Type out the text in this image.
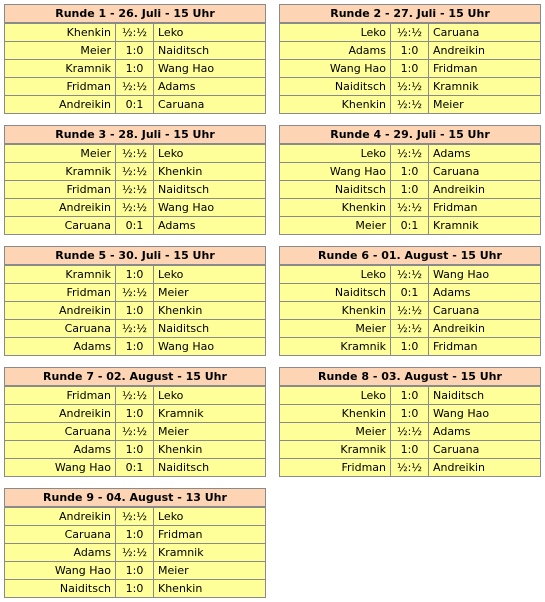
Runde 1 - 26. Juli - 15 Uhr
Khenkin ½:½ Leko
Meier	1:0	Naiditsch
Kramnik	1:0	Wang Hao
Fridman ½:½ Adams
Andreikin	0:1	Caruana
Runde 2 - 27. Juli - 15 Uhr
Leko ½:½ Caruana
Adams	1:0	Andreikin
Wang Hao	1:0	Fridman
Naiditsch ½:½ Kramnik
Khenkin ½:½ Meier
Runde 3 - 28. Juli - 15 Uhr
Meier ½:½ Leko
Kramnik ½:½ Khenkin
Fridman ½:½ Naiditsch
Andreikin ½:½ Wang Hao
Caruana	0:1	Adams
Runde 4 - 29. Juli - 15 Uhr
Leko ½:½ Adams
Wang Hao	1:0	Caruana
Naiditsch	1:0	Andreikin
Khenkin ½:½ Fridman
Meier	0:1	Kramnik
Runde 5 - 30. Juli - 15 Uhr
Kramnik	1:0	Leko
Fridman ½:½ Meier
Andreikin	1:0	Khenkin
Caruana ½:½ Naiditsch
Adams	1:0	Wang Hao
Runde 6 - 01. August - 15 Uhr
Leko ½:½ Wang Hao
Naiditsch	0:1	Adams
Khenkin ½:½ Caruana
Meier ½:½ Andreikin
Kramnik	1:0	Fridman
Runde 7 - 02. August - 15 Uhr
Fridman ½:½ Leko
Andreikin	1:0	Kramnik
Caruana ½:½ Meier
Adams	1:0	Khenkin
Wang Hao	0:1	Naiditsch
Runde 8 - 03. August - 15 Uhr
Leko	1:0	Naiditsch
Khenkin	1:0	Wang Hao
Meier ½:½ Adams
Kramnik	1:0	Caruana
Fridman ½:½ Andreikin
Runde 9 - 04. August - 13 Uhr
Andreikin ½:½ Leko
Caruana	1:0	Fridman
Adams ½:½ Kramnik
Wang Hao	1:0	Meier
Naiditsch	1:0	Khenkin
